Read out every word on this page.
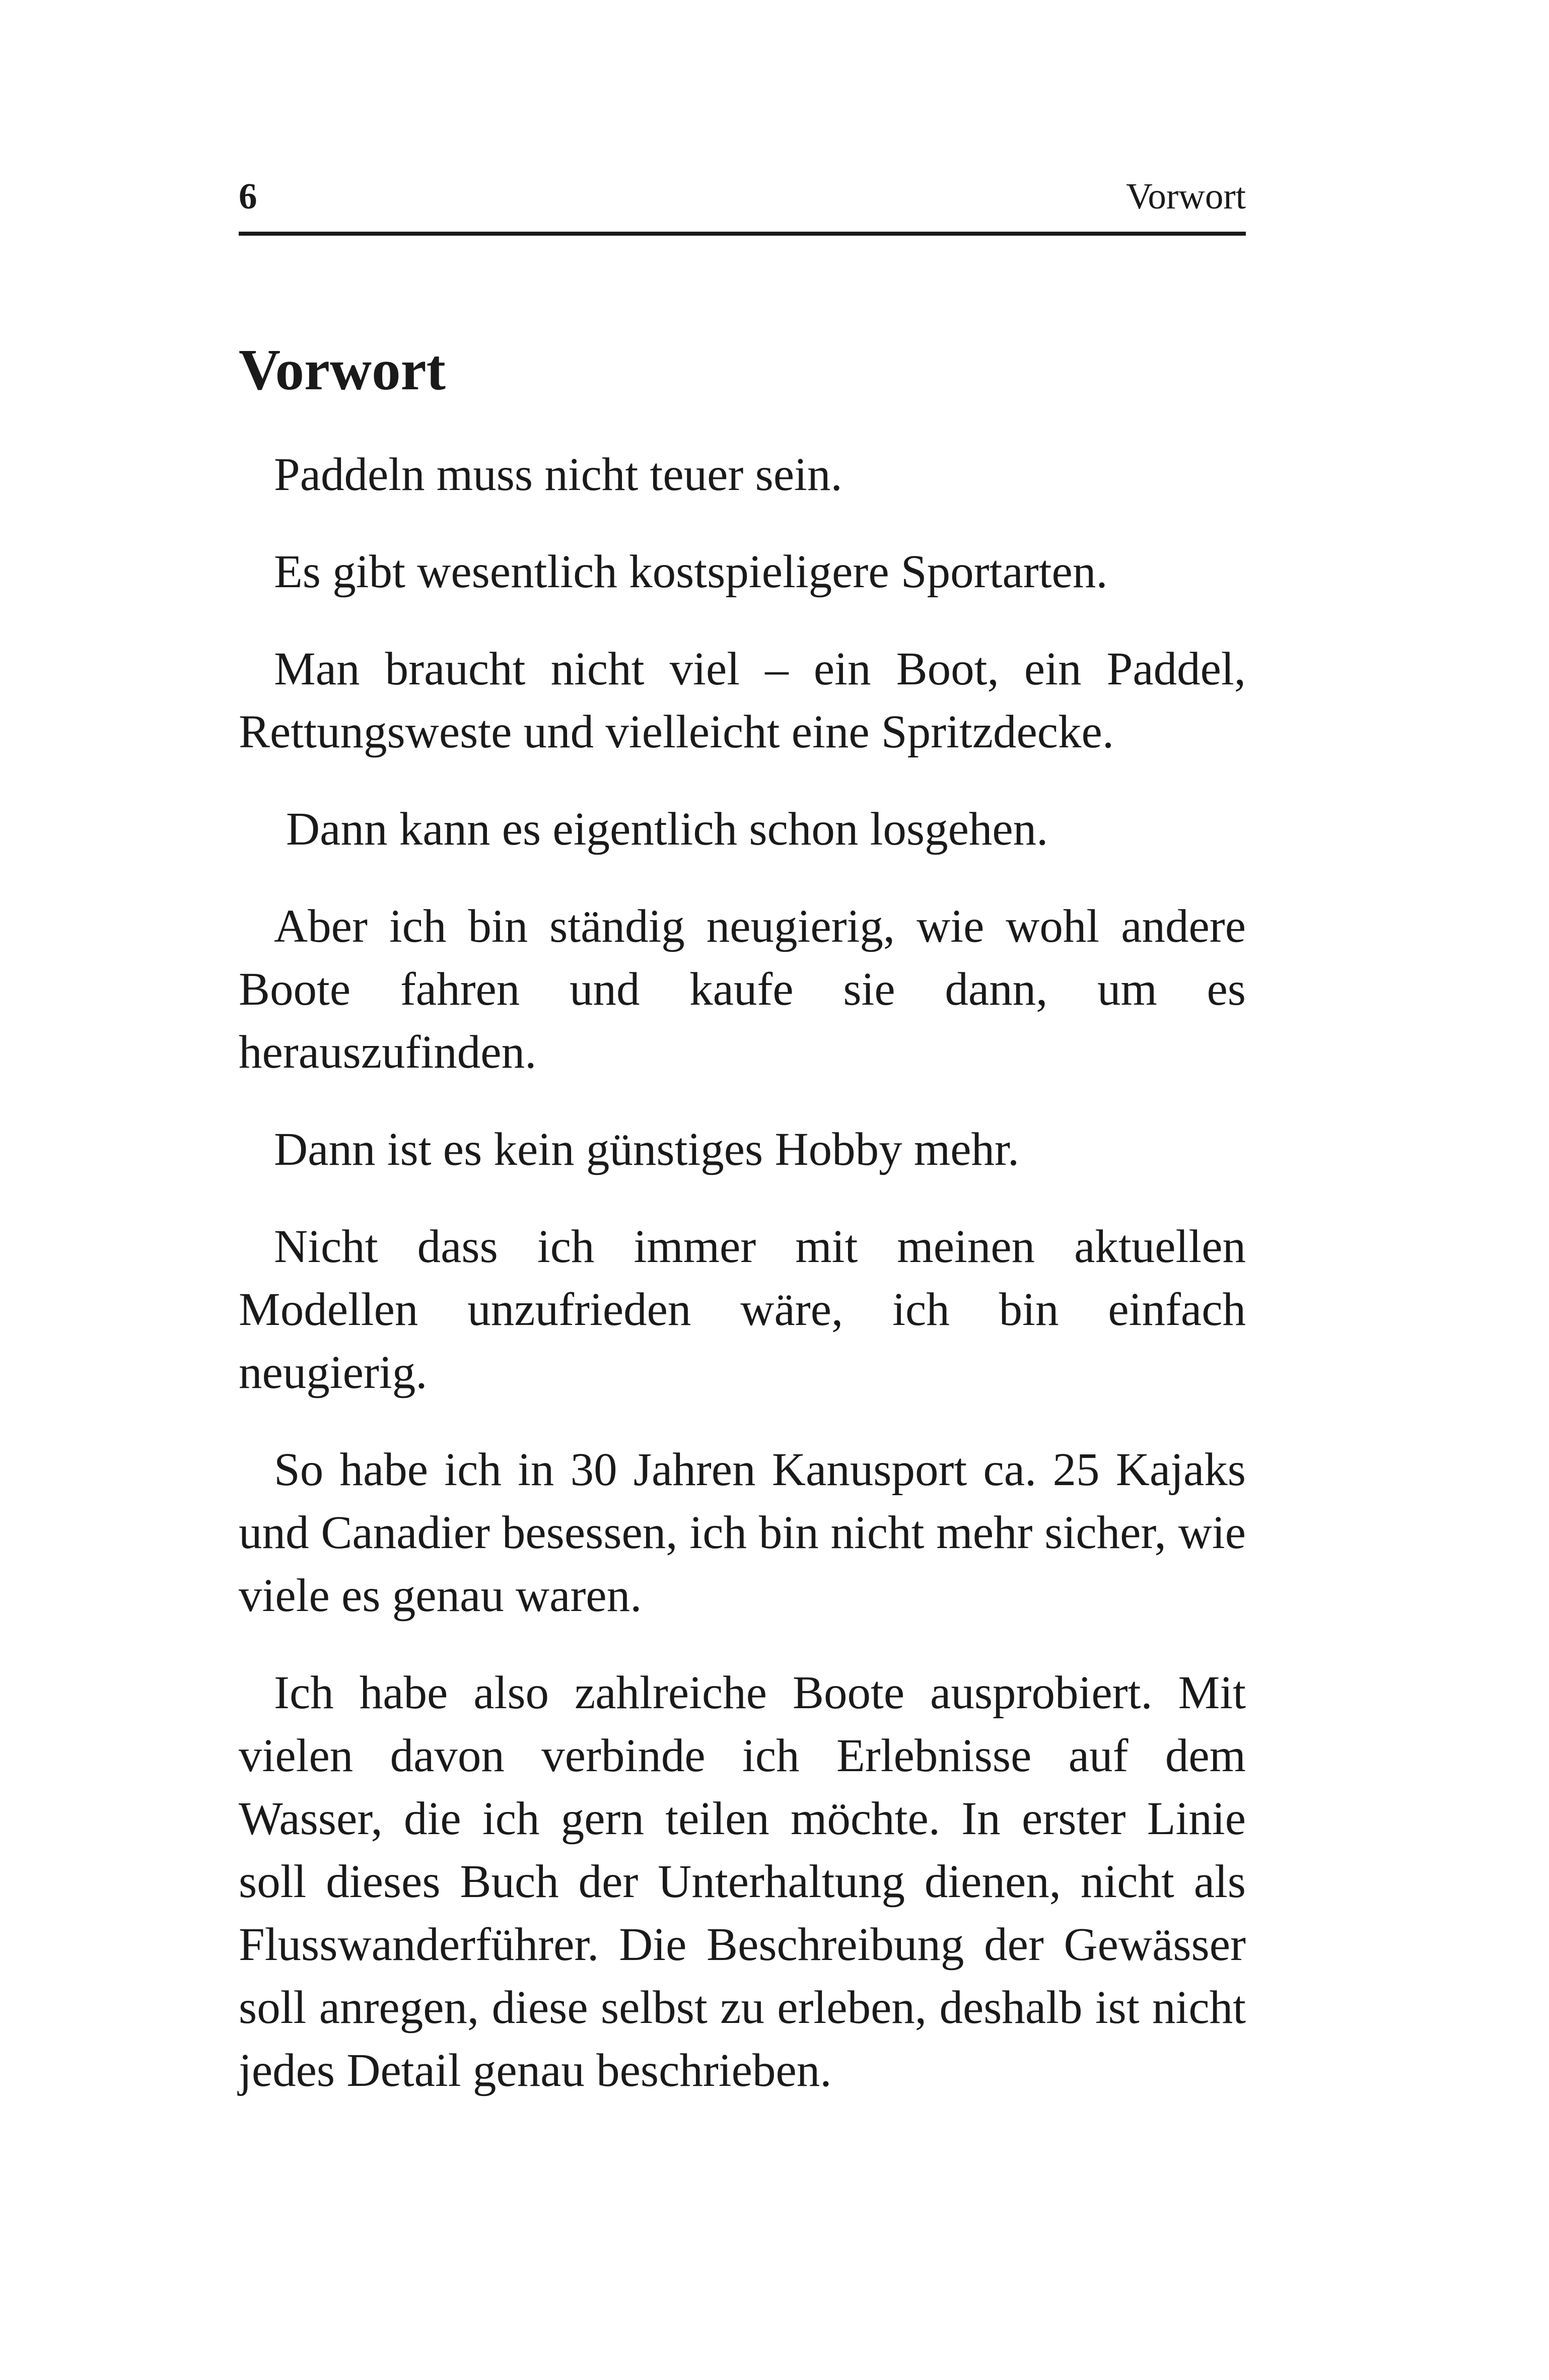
6	Vorwort
Vorwort

Paddeln muss nicht teuer sein.

Es gibt wesentlich kostspieligere Sportarten.

Man braucht nicht viel – ein Boot, ein Paddel, Rettungsweste und vielleicht eine Spritzdecke.

Dann kann es eigentlich schon losgehen.

Aber ich bin ständig neugierig, wie wohl andere Boote fahren und kaufe sie dann, um es herauszufinden.

Dann ist es kein günstiges Hobby mehr.

Nicht dass ich immer mit meinen aktuellen Modellen unzufrieden wäre, ich bin einfach neugierig.

So habe ich in 30 Jahren Kanusport ca. 25 Kajaks und Canadier besessen, ich bin nicht mehr sicher, wie viele es genau waren.

Ich habe also zahlreiche Boote ausprobiert. Mit vielen davon verbinde ich Erlebnisse auf dem Wasser, die ich gern teilen möchte. In erster Linie soll dieses Buch der Unterhaltung dienen, nicht als Flusswanderführer. Die Beschreibung der Gewässer soll anregen, diese selbst zu erleben, deshalb ist nicht jedes Detail genau beschrieben.
